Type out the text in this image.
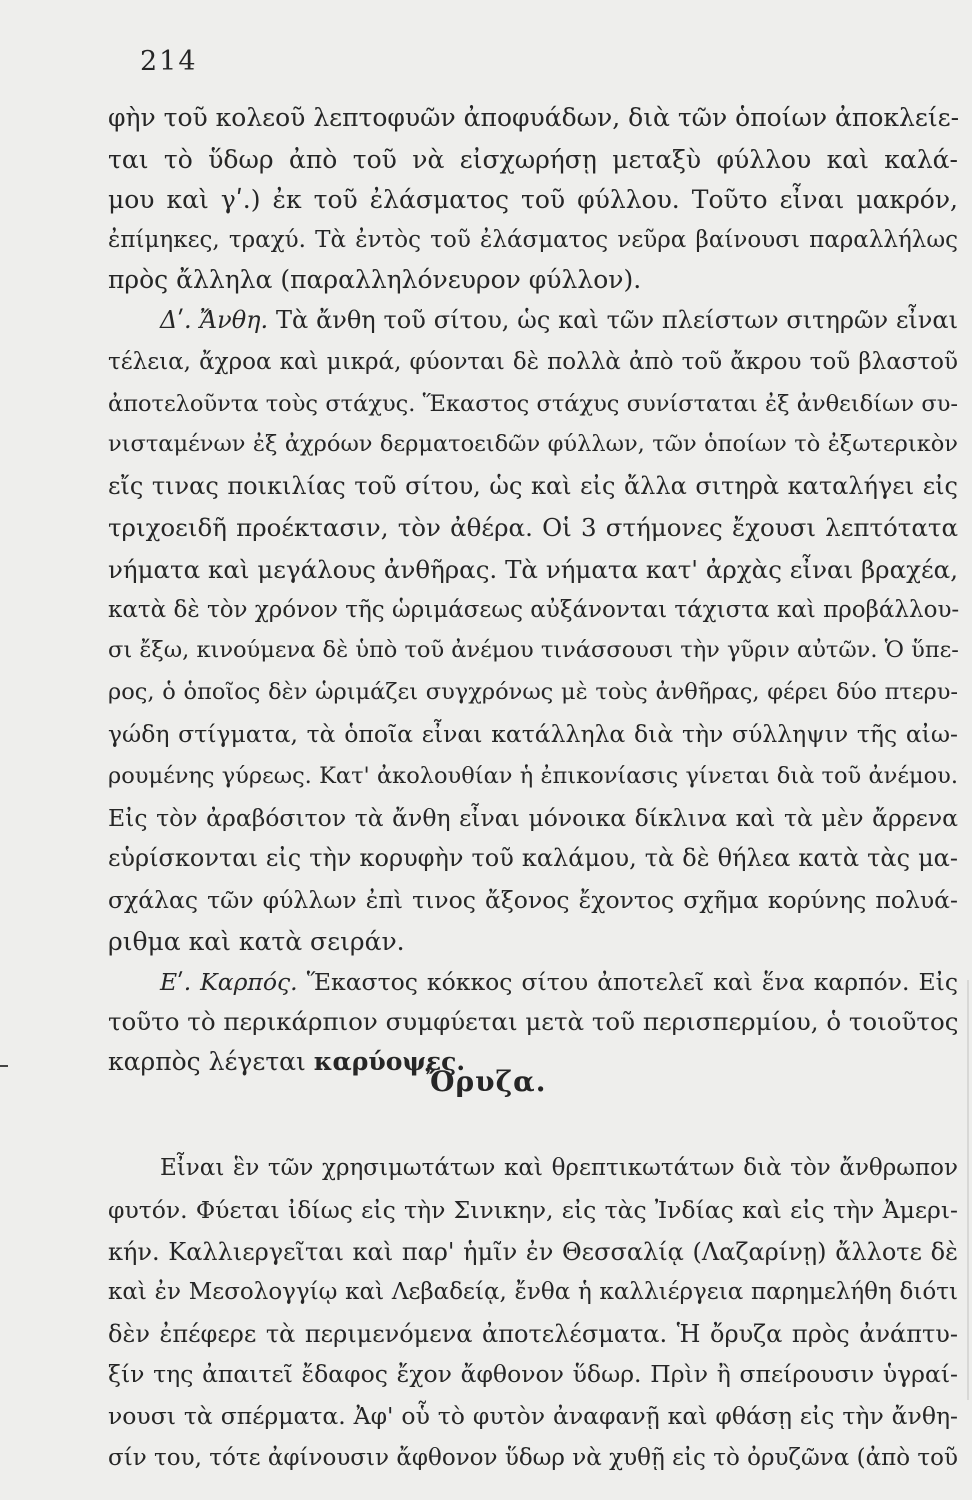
214
φὴν τοῦ κολεοῦ λεπτοφυῶν ἀποφυάδων, διὰ τῶν ὁποίων ἀποκλείε-
ται τὸ ὕδωρ ἀπὸ τοῦ νὰ εἰσχωρήσῃ μεταξὺ φύλλου καὶ καλά-
μου καὶ γʹ.) ἐκ τοῦ ἐλάσματος τοῦ φύλλου. Τοῦτο εἶναι μακρόν,
ἐπίμηκες, τραχύ. Τὰ ἐντὸς τοῦ ἐλάσματος νεῦρα βαίνουσι παραλλήλως
πρὸς ἄλληλα (παραλληλόνευρον φύλλον).
Δʹ. Ἄνθη. Τὰ ἄνθη τοῦ σίτου, ὡς καὶ τῶν πλείστων σιτηρῶν εἶναι
τέλεια, ἄχροα καὶ μικρά, φύονται δὲ πολλὰ ἀπὸ τοῦ ἄκρου τοῦ βλαστοῦ
ἀποτελοῦντα τοὺς στάχυς. Ἕκαστος στάχυς συνίσταται ἐξ ἀνθειδίων συ-
νισταμένων ἐξ ἀχρόων δερματοειδῶν φύλλων, τῶν ὁποίων τὸ ἐξωτερικὸν
εἴς τινας ποικιλίας τοῦ σίτου, ὡς καὶ εἰς ἄλλα σιτηρὰ καταλήγει εἰς
τριχοειδῆ προέκτασιν, τὸν ἀθέρα. Οἱ 3 στήμονες ἔχουσι λεπτότατα
νήματα καὶ μεγάλους ἀνθῆρας. Τὰ νήματα κατ' ἀρχὰς εἶναι βραχέα,
κατὰ δὲ τὸν χρόνον τῆς ὡριμάσεως αὐξάνονται τάχιστα καὶ προβάλλου-
σι ἔξω, κινούμενα δὲ ὑπὸ τοῦ ἀνέμου τινάσσουσι τὴν γῦριν αὐτῶν. Ὁ ὕπε-
ρος, ὁ ὁποῖος δὲν ὡριμάζει συγχρόνως μὲ τοὺς ἀνθῆρας, φέρει δύο πτερυ-
γώδη στίγματα, τὰ ὁποῖα εἶναι κατάλληλα διὰ τὴν σύλληψιν τῆς αἰω-
ρουμένης γύρεως. Κατ' ἀκολουθίαν ἡ ἐπικονίασις γίνεται διὰ τοῦ ἀνέμου.
Εἰς τὸν ἀραβόσιτον τὰ ἄνθη εἶναι μόνοικα δίκλινα καὶ τὰ μὲν ἄρρενα
εὑρίσκονται εἰς τὴν κορυφὴν τοῦ καλάμου, τὰ δὲ θήλεα κατὰ τὰς μα-
σχάλας τῶν φύλλων ἐπὶ τινος ἄξονος ἔχοντος σχῆμα κορύνης πολυά-
ριθμα καὶ κατὰ σειράν.
Εʹ. Καρπός. Ἕκαστος κόκκος σίτου ἀποτελεῖ καὶ ἕνα καρπόν. Εἰς
τοῦτο τὸ περικάρπιον συμφύεται μετὰ τοῦ περισπερμίου, ὁ τοιοῦτος
καρπὸς λέγεται καρύοψες.
Ὄρυζα.
Εἶναι ἓν τῶν χρησιμωτάτων καὶ θρεπτικωτάτων διὰ τὸν ἄνθρωπον
φυτόν. Φύεται ἰδίως εἰς τὴν Σινικην, εἰς τὰς Ἰνδίας καὶ εἰς τὴν Ἀμερι-
κήν. Καλλιεργεῖται καὶ παρ' ἡμῖν ἐν Θεσσαλίᾳ (Λαζαρίνῃ) ἄλλοτε δὲ
καὶ ἐν Μεσολογγίῳ καὶ Λεβαδείᾳ, ἔνθα ἡ καλλιέργεια παρημελήθη διότι
δὲν ἐπέφερε τὰ περιμενόμενα ἀποτελέσματα. Ἡ ὄρυζα πρὸς ἀνάπτυ-
ξίν της ἀπαιτεῖ ἔδαφος ἔχον ἄφθονον ὕδωρ. Πρὶν ἢ σπείρουσιν ὑγραί-
νουσι τὰ σπέρματα. Ἀφ' οὗ τὸ φυτὸν ἀναφανῇ καὶ φθάσῃ εἰς τὴν ἄνθη-
σίν του, τότε ἀφίνουσιν ἄφθονον ὕδωρ νὰ χυθῇ εἰς τὸ ὀρυζῶνα (ἀπὸ τοῦ
